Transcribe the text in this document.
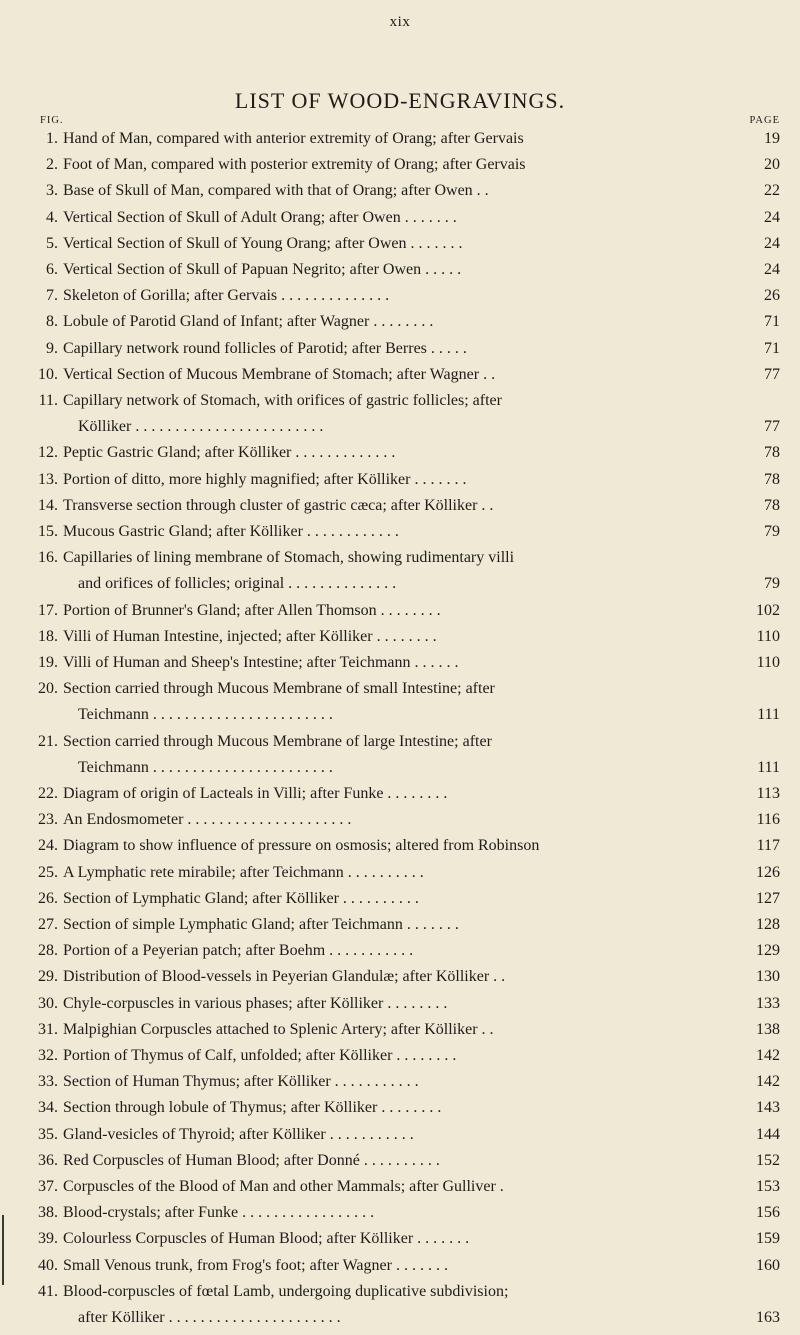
xix
LIST OF WOOD-ENGRAVINGS.
FIG.	PAGE
1. Hand of Man, compared with anterior extremity of Orang; after Gervais	19
2. Foot of Man, compared with posterior extremity of Orang; after Gervais	20
3. Base of Skull of Man, compared with that of Orang; after Owen . .	22
4. Vertical Section of Skull of Adult Orang; after Owen . . . . . . .	24
5. Vertical Section of Skull of Young Orang; after Owen . . . . . . .	24
6. Vertical Section of Skull of Papuan Negrito; after Owen . . . . .	24
7. Skeleton of Gorilla; after Gervais . . . . . . . . . . . . . .	26
8. Lobule of Parotid Gland of Infant; after Wagner . . . . . . . .	71
9. Capillary network round follicles of Parotid; after Berres . . . . .	71
10. Vertical Section of Mucous Membrane of Stomach; after Wagner . .	77
11. Capillary network of Stomach, with orifices of gastric follicles; after
Kölliker . . . . . . . . . . . . . . . . . . . . . . . .	77
12. Peptic Gastric Gland; after Kölliker . . . . . . . . . . . . .	78
13. Portion of ditto, more highly magnified; after Kölliker . . . . . . .	78
14. Transverse section through cluster of gastric cæca; after Kölliker . .	78
15. Mucous Gastric Gland; after Kölliker . . . . . . . . . . . .	79
16. Capillaries of lining membrane of Stomach, showing rudimentary villi
and orifices of follicles; original . . . . . . . . . . . . . .	79
17. Portion of Brunner's Gland; after Allen Thomson . . . . . . . .	102
18. Villi of Human Intestine, injected; after Kölliker . . . . . . . .	110
19. Villi of Human and Sheep's Intestine; after Teichmann . . . . . .	110
20. Section carried through Mucous Membrane of small Intestine; after
Teichmann . . . . . . . . . . . . . . . . . . . . . . .	111
21. Section carried through Mucous Membrane of large Intestine; after
Teichmann . . . . . . . . . . . . . . . . . . . . . . .	111
22. Diagram of origin of Lacteals in Villi; after Funke . . . . . . . .	113
23. An Endosmometer . . . . . . . . . . . . . . . . . . . . .	116
24. Diagram to show influence of pressure on osmosis; altered from Robinson	117
25. A Lymphatic rete mirabile; after Teichmann . . . . . . . . . .	126
26. Section of Lymphatic Gland; after Kölliker . . . . . . . . . .	127
27. Section of simple Lymphatic Gland; after Teichmann . . . . . . .	128
28. Portion of a Peyerian patch; after Boehm . . . . . . . . . . .	129
29. Distribution of Blood-vessels in Peyerian Glandulæ; after Kölliker . .	130
30. Chyle-corpuscles in various phases; after Kölliker . . . . . . . .	133
31. Malpighian Corpuscles attached to Splenic Artery; after Kölliker . .	138
32. Portion of Thymus of Calf, unfolded; after Kölliker . . . . . . . .	142
33. Section of Human Thymus; after Kölliker . . . . . . . . . . .	142
34. Section through lobule of Thymus; after Kölliker . . . . . . . .	143
35. Gland-vesicles of Thyroid; after Kölliker . . . . . . . . . . .	144
36. Red Corpuscles of Human Blood; after Donné . . . . . . . . . .	152
37. Corpuscles of the Blood of Man and other Mammals; after Gulliver .	153
38. Blood-crystals; after Funke . . . . . . . . . . . . . . . . .	156
39. Colourless Corpuscles of Human Blood; after Kölliker . . . . . . .	159
40. Small Venous trunk, from Frog's foot; after Wagner . . . . . . .	160
41. Blood-corpuscles of fœtal Lamb, undergoing duplicative subdivision;
after Kölliker . . . . . . . . . . . . . . . . . . . . . .	163
